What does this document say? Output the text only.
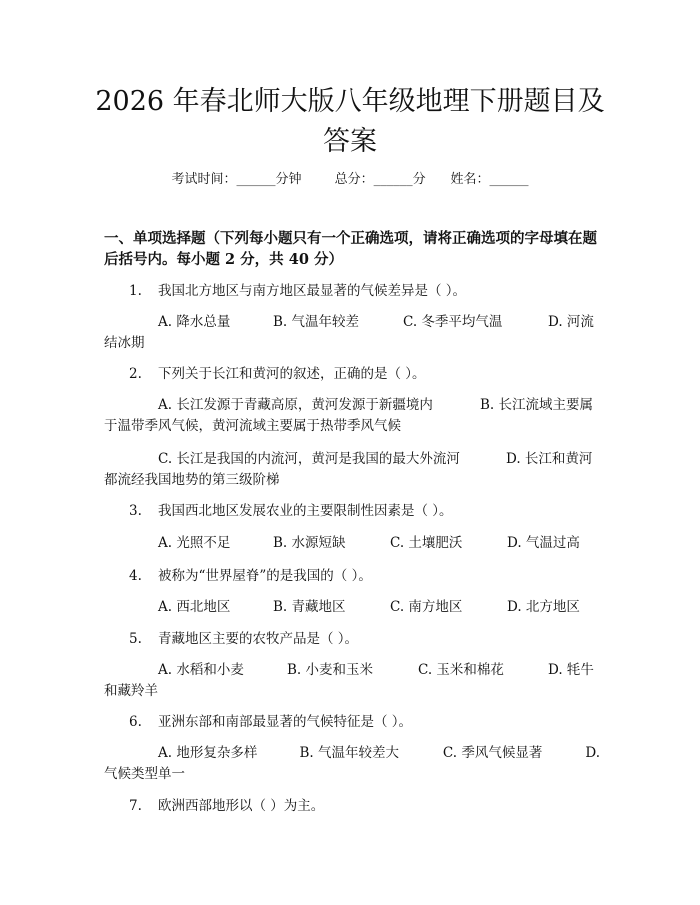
2026 年春北师大版八年级地理下册题目及答案
考试时间：______分钟	总分：______分 姓名：______
一、单项选择题（下列每小题只有一个正确选项，请将正确选项的字母填在题后括号内。每小题 2 分，共 40 分）
1. 我国北方地区与南方地区最显著的气候差异是（ ）。
A. 降水总量	B. 气温年较差	C. 冬季平均气温	D. 河流
结冰期
2. 下列关于长江和黄河的叙述，正确的是（ ）。
A. 长江发源于青藏高原，黄河发源于新疆境内	B. 长江流域主要属
于温带季风气候，黄河流域主要属于热带季风气候
C. 长江是我国的内流河，黄河是我国的最大外流河	D. 长江和黄河
都流经我国地势的第三级阶梯
3. 我国西北地区发展农业的主要限制性因素是（ ）。
A. 光照不足	B. 水源短缺	C. 土壤肥沃	D. 气温过高
4. 被称为“世界屋脊”的是我国的（ ）。
A. 西北地区	B. 青藏地区	C. 南方地区	D. 北方地区
5. 青藏地区主要的农牧产品是（ ）。
A. 水稻和小麦	B. 小麦和玉米	C. 玉米和棉花	D. 牦牛
和藏羚羊
6. 亚洲东部和南部最显著的气候特征是（ ）。
A. 地形复杂多样	B. 气温年较差大	C. 季风气候显著	D.
气候类型单一
7. 欧洲西部地形以（ ）为主。
